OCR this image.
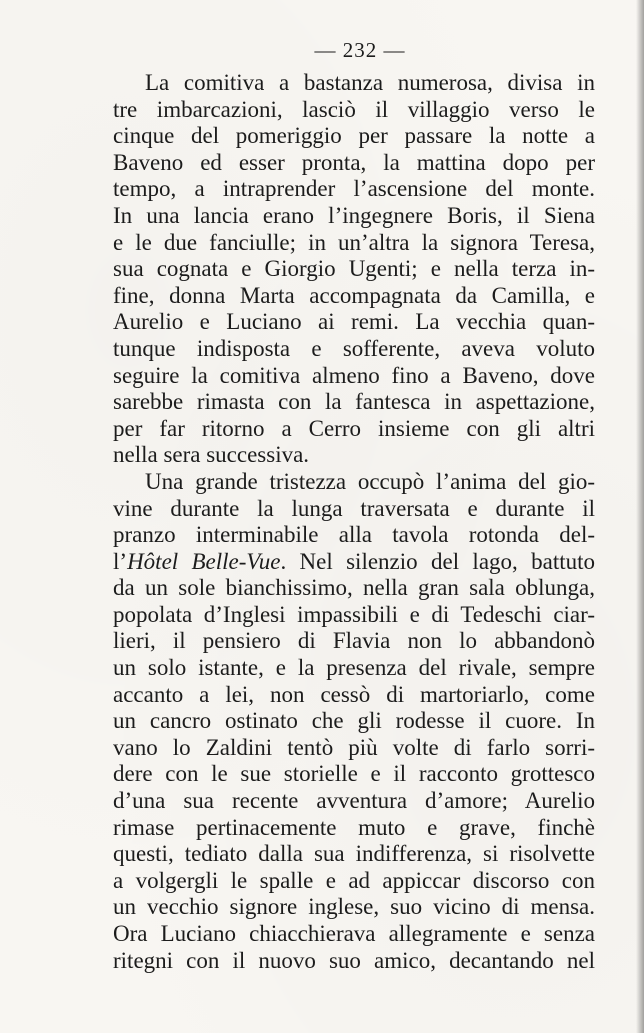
— 232 —
La comitiva a bastanza numerosa, divisa in
tre imbarcazioni, lasciò il villaggio verso le
cinque del pomeriggio per passare la notte a
Baveno ed esser pronta, la mattina dopo per
tempo, a intraprender l’ascensione del monte.
In una lancia erano l’ingegnere Boris, il Siena
e le due fanciulle; in un’altra la signora Teresa,
sua cognata e Giorgio Ugenti; e nella terza in-
fine, donna Marta accompagnata da Camilla, e
Aurelio e Luciano ai remi. La vecchia quan-
tunque indisposta e sofferente, aveva voluto
seguire la comitiva almeno fino a Baveno, dove
sarebbe rimasta con la fantesca in aspettazione,
per far ritorno a Cerro insieme con gli altri
nella sera successiva.
Una grande tristezza occupò l’anima del gio-
vine durante la lunga traversata e durante il
pranzo interminabile alla tavola rotonda del-
l’Hôtel Belle-Vue. Nel silenzio del lago, battuto
da un sole bianchissimo, nella gran sala oblunga,
popolata d’Inglesi impassibili e di Tedeschi ciar-
lieri, il pensiero di Flavia non lo abbandonò
un solo istante, e la presenza del rivale, sempre
accanto a lei, non cessò di martoriarlo, come
un cancro ostinato che gli rodesse il cuore. In
vano lo Zaldini tentò più volte di farlo sorri-
dere con le sue storielle e il racconto grottesco
d’una sua recente avventura d’amore; Aurelio
rimase pertinacemente muto e grave, finchè
questi, tediato dalla sua indifferenza, si risolvette
a volgergli le spalle e ad appiccar discorso con
un vecchio signore inglese, suo vicino di mensa.
Ora Luciano chiacchierava allegramente e senza
ritegni con il nuovo suo amico, decantando nel
